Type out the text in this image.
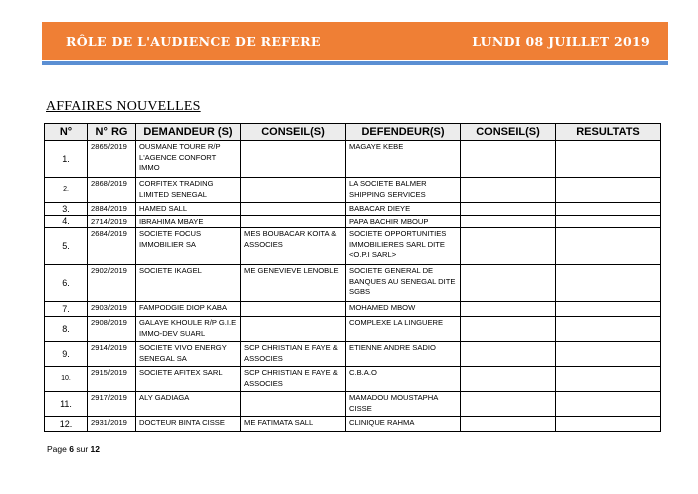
RÔLE DE L'AUDIENCE DE REFERE	LUNDI 08 JUILLET 2019
AFFAIRES NOUVELLES
N°	N° RG	DEMANDEUR (S)	CONSEIL(S)	DEFENDEUR(S)	CONSEIL(S)	RESULTATS
1.	2865/2019	OUSMANE TOURE R/P L'AGENCE CONFORT IMMO		MAGAYE KEBE		
2.	2868/2019	CORFITEX TRADING LIMITED SENEGAL		LA SOCIETE BALMER SHIPPING SERVICES		
3.	2884/2019	HAMED SALL		BABACAR DIEYE		
4.	2714/2019	IBRAHIMA MBAYE		PAPA BACHIR MBOUP		
5.	2684/2019	SOCIETE FOCUS IMMOBILIER SA	MES BOUBACAR KOITA & ASSOCIES	SOCIETE OPPORTUNITIES IMMOBILIERES SARL DITE <O.P.I SARL>		
6.	2902/2019	SOCIETE IKAGEL	ME GENEVIEVE LENOBLE	SOCIETE GENERAL DE BANQUES AU SENEGAL DITE SGBS		
7.	2903/2019	FAMPODGIE DIOP KABA		MOHAMED MBOW		
8.	2908/2019	GALAYE KHOULE R/P G.I.E IMMO-DEV SUARL		COMPLEXE LA LINGUERE		
9.	2914/2019	SOCIETE VIVO ENERGY SENEGAL SA	SCP CHRISTIAN E FAYE & ASSOCIES	ETIENNE ANDRE SADIO		
10.	2915/2019	SOCIETE AFITEX SARL	SCP CHRISTIAN E FAYE & ASSOCIES	C.B.A.O		
11.	2917/2019	ALY GADIAGA		MAMADOU MOUSTAPHA CISSE		
12.	2931/2019	DOCTEUR BINTA CISSE	ME FATIMATA SALL	CLINIQUE RAHMA		
Page 6 sur 12
